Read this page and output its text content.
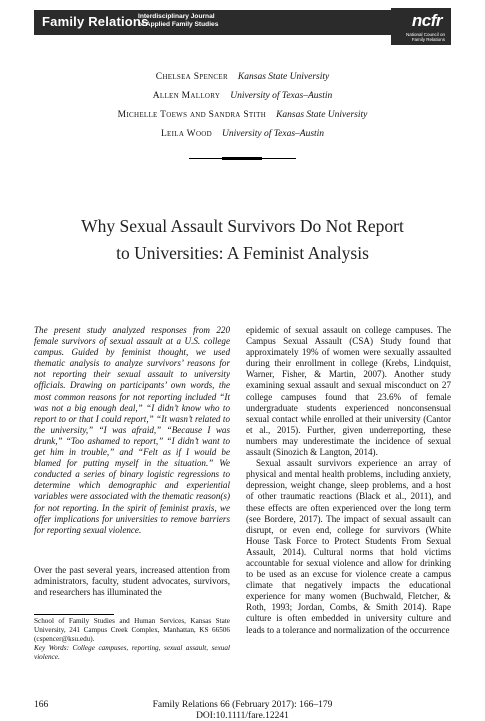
Family Relations
Interdisciplinary Journal
of Applied Family Studies	ncfr
National Council on
Family Relations
Chelsea Spencer Kansas State University
Allen Mallory University of Texas–Austin
Michelle Toews and Sandra Stith Kansas State University
Leila Wood University of Texas–Austin
Why Sexual Assault Survivors Do Not Report
to Universities: A Feminist Analysis

The present study analyzed responses from 220 female survivors of sexual assault at a U.S. college campus. Guided by feminist thought, we used thematic analysis to analyze survivors’ reasons for not reporting their sexual assault to university officials. Drawing on participants’ own words, the most common reasons for not reporting included “It was not a big enough deal,” “I didn’t know who to report to or that I could report,” “It wasn’t related to the university,” “I was afraid,” “Because I was drunk,” “Too ashamed to report,” “I didn’t want to get him in trouble,” and “Felt as if I would be blamed for putting myself in the situation.” We conducted a series of binary logistic regressions to determine which demographic and experiential variables were associated with the thematic reason(s) for not reporting. In the spirit of feminist praxis, we offer implications for universities to remove barriers for reporting sexual violence.

Over the past several years, increased attention from administrators, faculty, student advocates, survivors, and researchers has illuminated the

epidemic of sexual assault on college campuses. The Campus Sexual Assault (CSA) Study found that approximately 19% of women were sexually assaulted during their enrollment in college (Krebs, Lindquist, Warner, Fisher, & Martin, 2007). Another study examining sexual assault and sexual misconduct on 27 college campuses found that 23.6% of female undergraduate students experienced nonconsensual sexual contact while enrolled at their university (Cantor et al., 2015). Further, given underreporting, these numbers may underestimate the incidence of sexual assault (Sinozich & Langton, 2014).

Sexual assault survivors experience an array of physical and mental health problems, including anxiety, depression, weight change, sleep problems, and a host of other traumatic reactions (Black et al., 2011), and these effects are often experienced over the long term (see Bordere, 2017). The impact of sexual assault can disrupt, or even end, college for survivors (White House Task Force to Protect Students From Sexual Assault, 2014). Cultural norms that hold victims accountable for sexual violence and allow for drinking to be used as an excuse for violence create a campus climate that negatively impacts the educational experience for many women (Buchwald, Fletcher, & Roth, 1993; Jordan, Combs, & Smith 2014). Rape culture is often embedded in university culture and leads to a tolerance and normalization of the occurrence

School of Family Studies and Human Services, Kansas State University, 241 Campus Creek Complex, Manhattan, KS 66506 (cspencer@ksu.edu).

Key Words: College campuses, reporting, sexual assault, sexual violence.

166	Family Relations 66 (February 2017): 166–179
DOI:10.1111/fare.12241
